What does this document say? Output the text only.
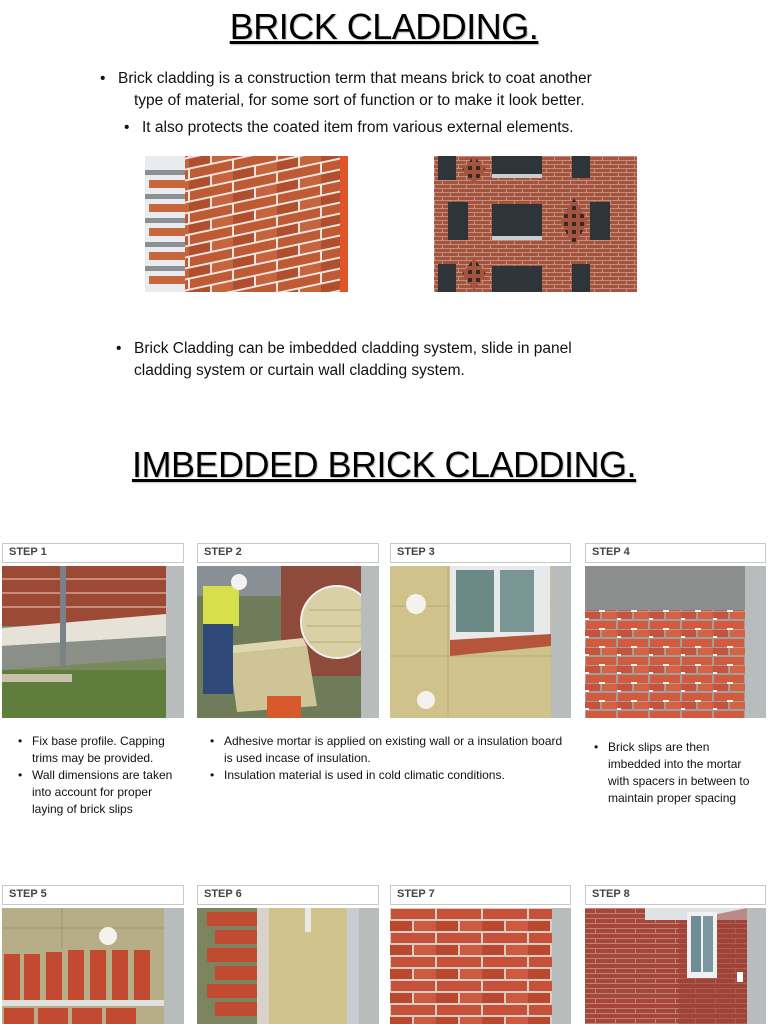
BRICK CLADDING.
• Brick cladding is a construction term that means brick to coat another
type of material, for some sort of function or to make it look better.
• It also protects the coated item from various external elements.
• Brick Cladding can be imbedded cladding system, slide in panel
cladding system or curtain wall cladding system.
IMBEDDED BRICK CLADDING.
STEP 1	STEP 2	STEP 3	STEP 4
• Fix base profile. Capping trims may be provided.
• Wall dimensions are taken into account for proper laying of brick slips
• Adhesive mortar is applied on existing wall or a insulation board is used incase of insulation.
• Insulation material is used in cold climatic conditions.
• Brick slips are then imbedded into the mortar with spacers in between to maintain proper spacing
STEP 5	STEP 6	STEP 7	STEP 8
